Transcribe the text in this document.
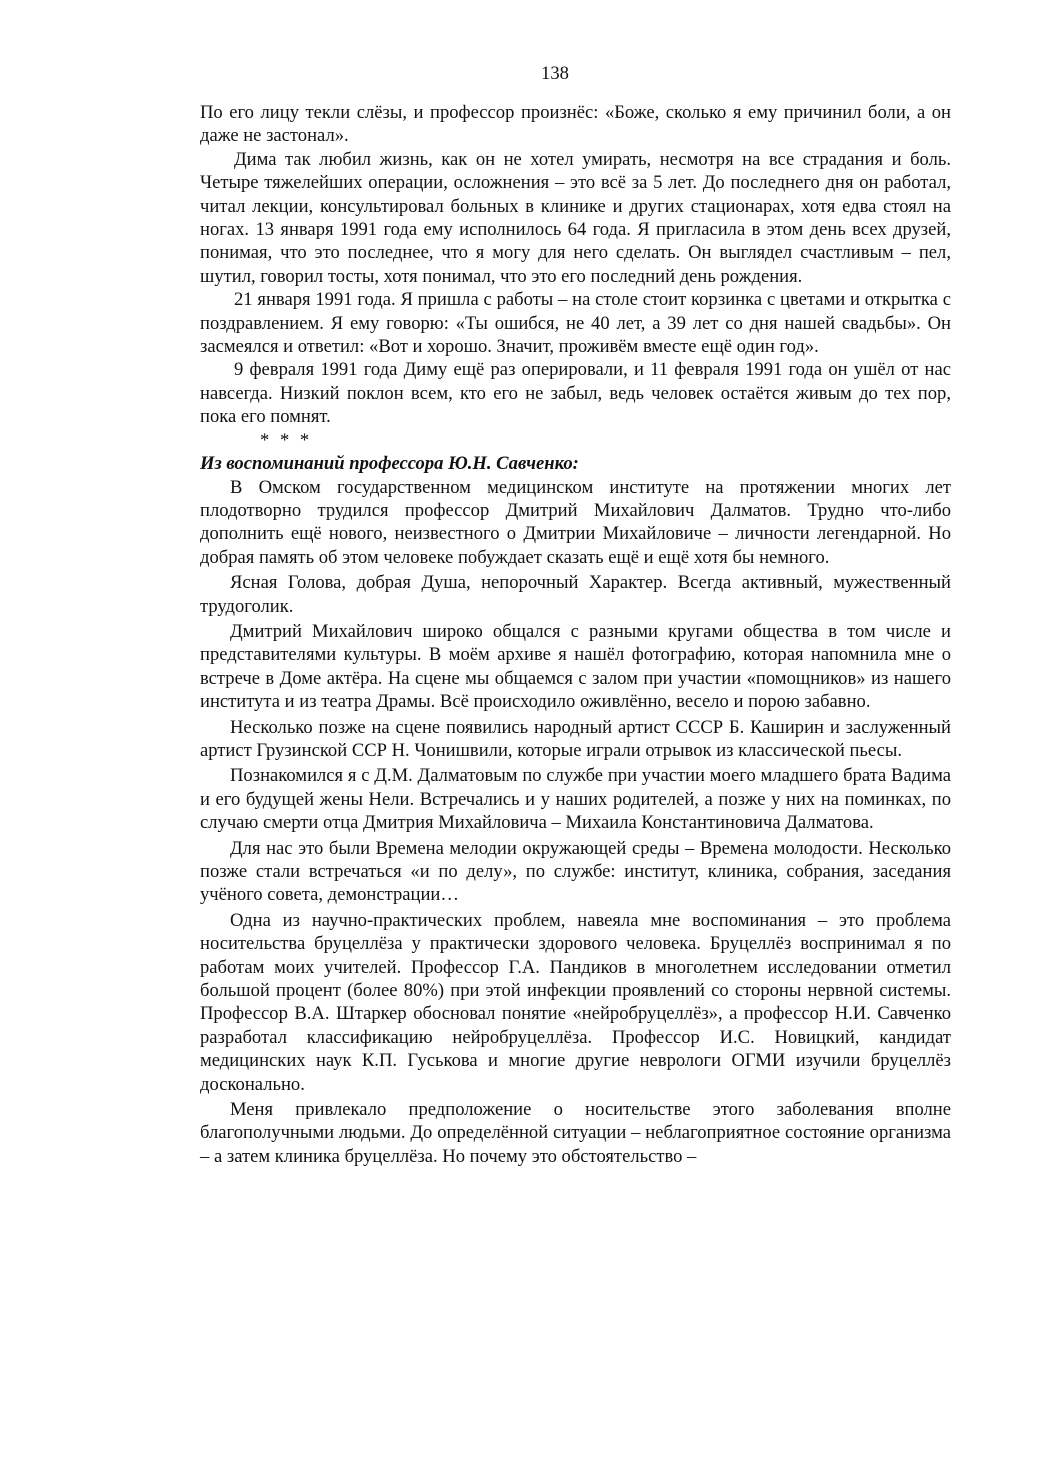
138

По его лицу текли слёзы, и профессор произнёс: «Боже, сколько я ему причинил боли, а он даже не застонал».

Дима так любил жизнь, как он не хотел умирать, несмотря на все страдания и боль. Четыре тяжелейших операции, осложнения – это всё за 5 лет. До последнего дня он работал, читал лекции, консультировал больных в клинике и других стационарах, хотя едва стоял на ногах. 13 января 1991 года ему исполнилось 64 года. Я пригласила в этом день всех друзей, понимая, что это последнее, что я могу для него сделать. Он выглядел счастливым – пел, шутил, говорил тосты, хотя понимал, что это его последний день рождения.

21 января 1991 года. Я пришла с работы – на столе стоит корзинка с цветами и открытка с поздравлением. Я ему говорю: «Ты ошибся, не 40 лет, а 39 лет со дня нашей свадьбы». Он засмеялся и ответил: «Вот и хорошо. Значит, проживём вместе ещё один год».

9 февраля 1991 года Диму ещё раз оперировали, и 11 февраля 1991 года он ушёл от нас навсегда. Низкий поклон всем, кто его не забыл, ведь человек остаётся живым до тех пор, пока его помнят.

* * *

Из воспоминаний профессора Ю.Н. Савченко:

В Омском государственном медицинском институте на протяжении многих лет плодотворно трудился профессор Дмитрий Михайлович Далматов. Трудно что-либо дополнить ещё нового, неизвестного о Дмитрии Михайловиче – личности легендарной. Но добрая память об этом человеке побуждает сказать ещё и ещё хотя бы немного.

Ясная Голова, добрая Душа, непорочный Характер. Всегда активный, мужественный трудоголик.

Дмитрий Михайлович широко общался с разными кругами общества в том числе и представителями культуры. В моём архиве я нашёл фотографию, которая напомнила мне о встрече в Доме актёра. На сцене мы общаемся с залом при участии «помощников» из нашего института и из театра Драмы. Всё происходило оживлённо, весело и порою забавно.

Несколько позже на сцене появились народный артист СССР Б. Каширин и заслуженный артист Грузинской ССР Н. Чонишвили, которые играли отрывок из классической пьесы.

Познакомился я с Д.М. Далматовым по службе при участии моего младшего брата Вадима и его будущей жены Нели. Встречались и у наших родителей, а позже у них на поминках, по случаю смерти отца Дмитрия Михайловича – Михаила Константиновича Далматова.

Для нас это были Времена мелодии окружающей среды – Времена молодости. Несколько позже стали встречаться «и по делу», по службе: институт, клиника, собрания, заседания учёного совета, демонстрации…

Одна из научно-практических проблем, навеяла мне воспоминания – это проблема носительства бруцеллёза у практически здорового человека. Бруцеллёз воспринимал я по работам моих учителей. Профессор Г.А. Пандиков в многолетнем исследовании отметил большой процент (более 80%) при этой инфекции проявлений со стороны нервной системы. Профессор В.А. Штаркер обосновал понятие «нейробруцеллёз», а профессор Н.И. Савченко разработал классификацию нейробруцеллёза. Профессор И.С. Новицкий, кандидат медицинских наук К.П. Гуськова и многие другие неврологи ОГМИ изучили бруцеллёз досконально.

Меня привлекало предположение о носительстве этого заболевания вполне благополучными людьми. До определённой ситуации – неблагоприятное состояние организма – а затем клиника бруцеллёза. Но почему это обстоятельство –
